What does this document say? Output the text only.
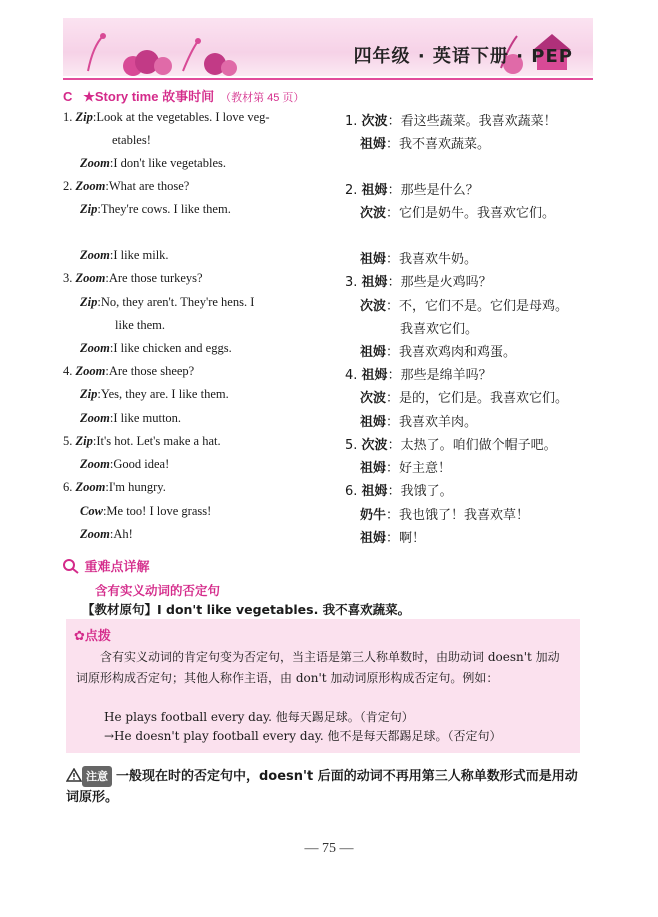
四年级 · 英语下册 · PEP
C ★Story time 故事时间 （教材第 45 页）
1. Zip:Look at the vegetables. I love veg-
etables!
Zoom:I don't like vegetables.
2. Zoom:What are those?
Zip:They're cows. I like them.
Zoom:I like milk.
3. Zoom:Are those turkeys?
Zip:No, they aren't. They're hens. I
like them.
Zoom:I like chicken and eggs.
4. Zoom:Are those sheep?
Zip:Yes, they are. I like them.
Zoom:I like mutton.
5. Zip:It's hot. Let's make a hat.
Zoom:Good idea!
6. Zoom:I'm hungry.
Cow:Me too! I love grass!
Zoom:Ah!
1. 次波：看这些蔬菜。我喜欢蔬菜！
祖姆：我不喜欢蔬菜。
2. 祖姆：那些是什么？
次波：它们是奶牛。我喜欢它们。
祖姆：我喜欢牛奶。
3. 祖姆：那些是火鸡吗？
次波：不，它们不是。它们是母鸡。
我喜欢它们。
祖姆：我喜欢鸡肉和鸡蛋。
4. 祖姆：那些是绵羊吗？
次波：是的，它们是。我喜欢它们。
祖姆：我喜欢羊肉。
5. 次波：太热了。咱们做个帽子吧。
祖姆：好主意！
6. 祖姆：我饿了。
奶牛：我也饿了！我喜欢草！
祖姆：啊！
重难点详解
含有实义动词的否定句
【教材原句】I don't like vegetables. 我不喜欢蔬菜。
✿点拨
含有实义动词的肯定句变为否定句，当主语是第三人称单数时，由助动词 doesn't 加动词原形构成否定句；其他人称作主语，由 don't 加动词原形构成否定句。例如：
He plays football every day. 他每天踢足球。（肯定句）
→He doesn't play football every day. 他不是每天都踢足球。（否定句）
注意 一般现在时的否定句中，doesn't 后面的动词不再用第三人称单数形式而是用动词原形。
— 75 —
